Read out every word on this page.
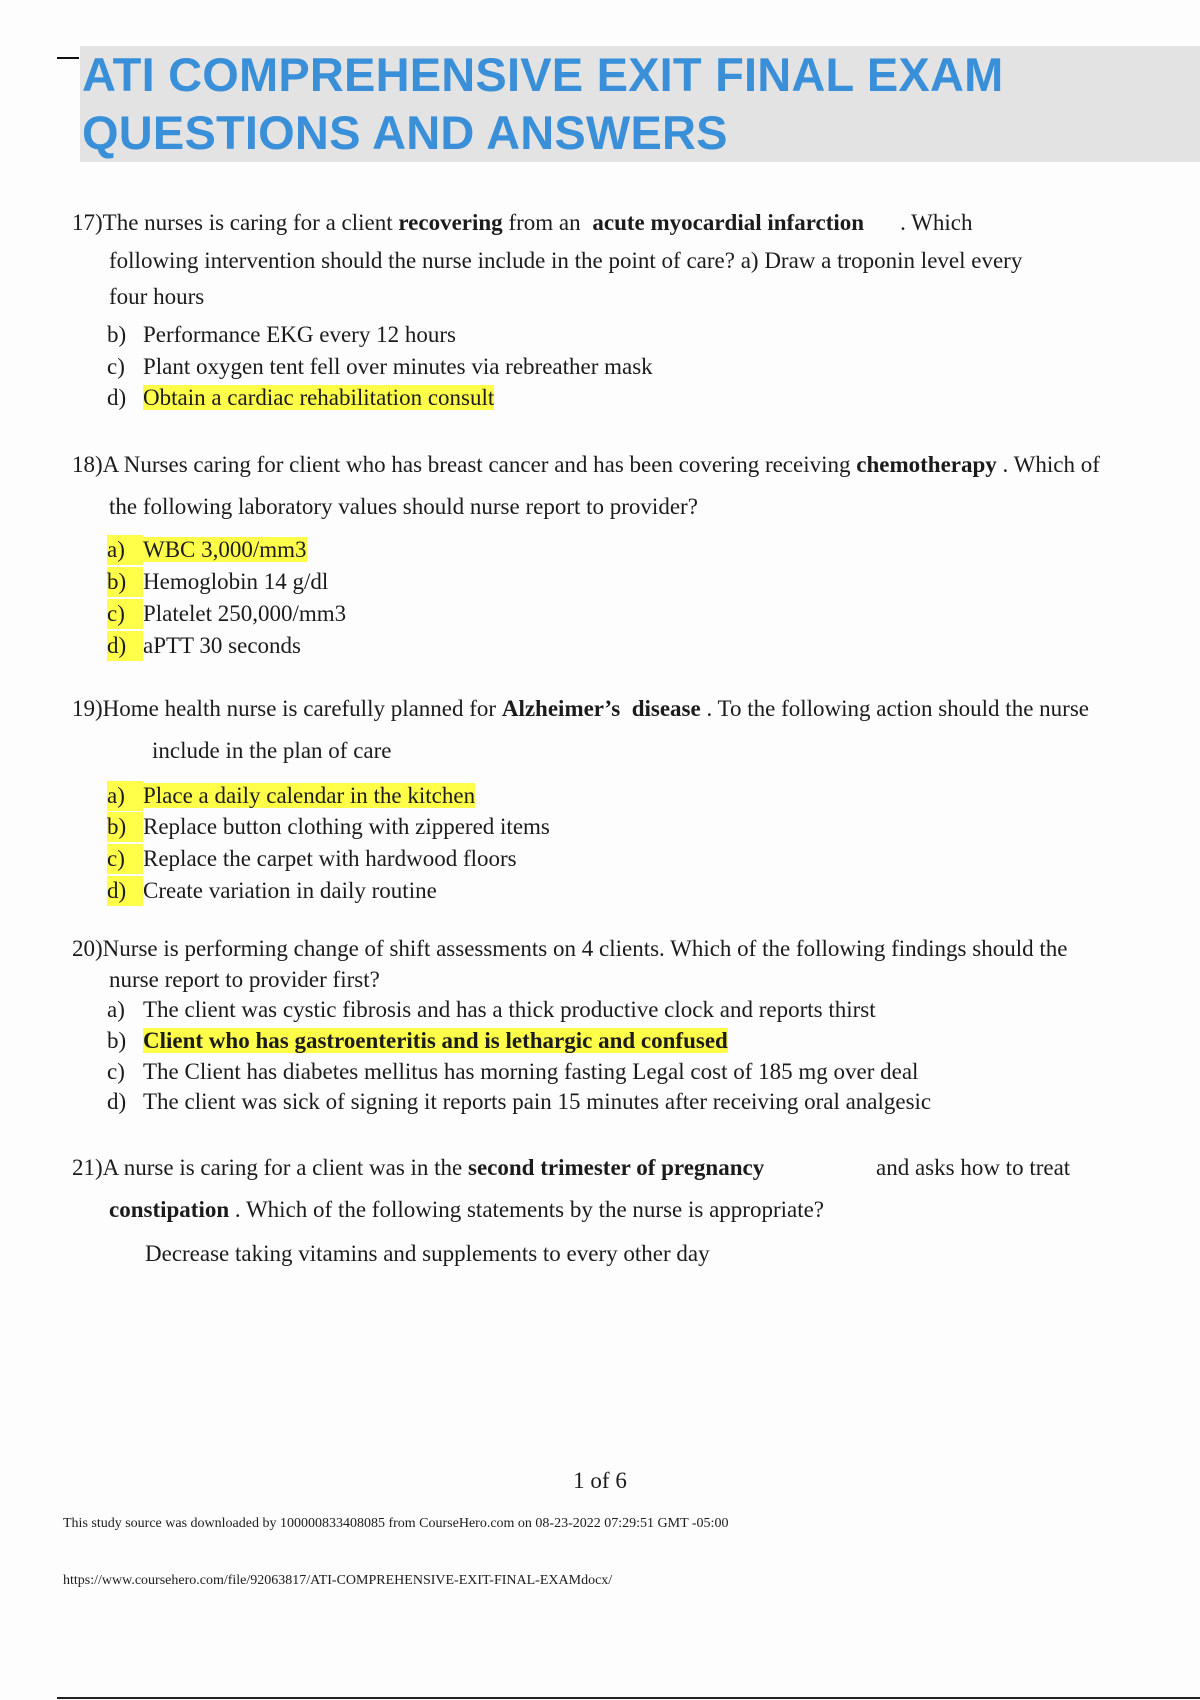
ATI COMPREHENSIVE EXIT FINAL EXAM
QUESTIONS AND ANSWERS
17)The nurses is caring for a client recovering from an acute myocardial infarction . Which
following intervention should the nurse include in the point of care? a) Draw a troponin level every
four hours
b) Performance EKG every 12 hours
c) Plant oxygen tent fell over minutes via rebreather mask
d) Obtain a cardiac rehabilitation consult
18)A Nurses caring for client who has breast cancer and has been covering receiving chemotherapy . Which of
the following laboratory values should nurse report to provider?
a) WBC 3,000/mm3
b) Hemoglobin 14 g/dl
c) Platelet 250,000/mm3
d) aPTT 30 seconds
19)Home health nurse is carefully planned for Alzheimer’s  disease . To the following action should the nurse
include in the plan of care
a) Place a daily calendar in the kitchen
b) Replace button clothing with zippered items
c) Replace the carpet with hardwood floors
d) Create variation in daily routine
20)Nurse is performing change of shift assessments on 4 clients. Which of the following findings should the
nurse report to provider first?
a) The client was cystic fibrosis and has a thick productive clock and reports thirst
b) Client who has gastroenteritis and is lethargic and confused
c) The Client has diabetes mellitus has morning fasting Legal cost of 185 mg over deal
d) The client was sick of signing it reports pain 15 minutes after receiving oral analgesic
21)A nurse is caring for a client was in the second trimester of pregnancy	and asks how to treat
constipation . Which of the following statements by the nurse is appropriate?
Decrease taking vitamins and supplements to every other day
1 of 6
This study source was downloaded by 100000833408085 from CourseHero.com on 08-23-2022 07:29:51 GMT -05:00
https://www.coursehero.com/file/92063817/ATI-COMPREHENSIVE-EXIT-FINAL-EXAMdocx/
